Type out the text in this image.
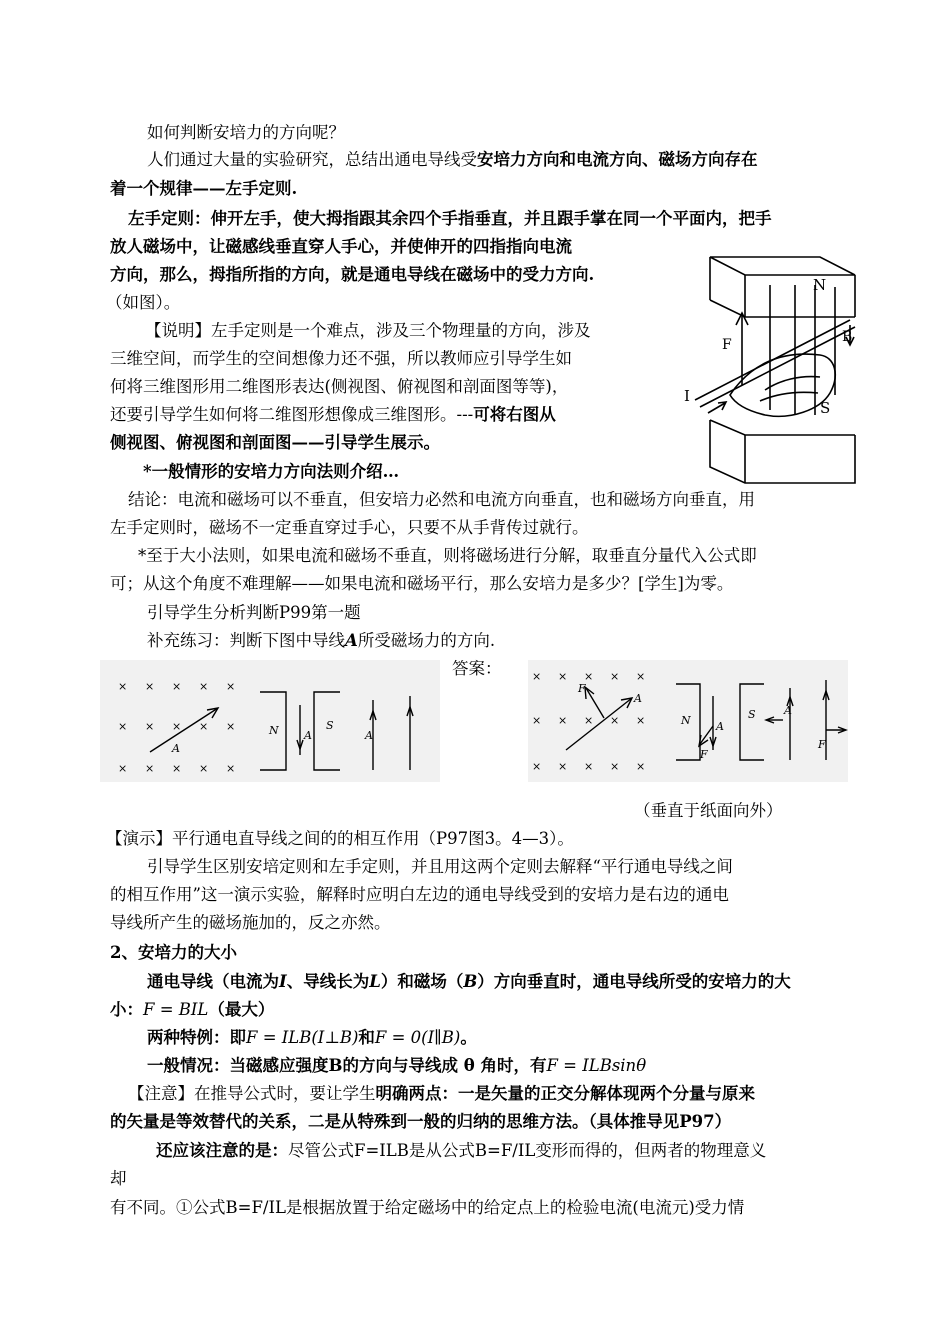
如何判断安培力的方向呢？
人们通过大量的实验研究，总结出通电导线受安培力方向和电流方向、磁场方向存在
着一个规律——左手定则.
左手定则：伸开左手，使大拇指跟其余四个手指垂直，并且跟手掌在同一个平面内，把手
放人磁场中，让磁感线垂直穿人手心，并使伸开的四指指向电流
方向，那么，拇指所指的方向，就是通电导线在磁场中的受力方向.
（如图）。
【说明】左手定则是一个难点，涉及三个物理量的方向，涉及
三维空间，而学生的空间想像力还不强，所以教师应引导学生如
何将三维图形用二维图形表达(侧视图、俯视图和剖面图等等)，
还要引导学生如何将二维图形想像成三维图形。---可将右图从
侧视图、俯视图和剖面图——引导学生展示。
*一般情形的安培力方向法则介绍…
结论：电流和磁场可以不垂直，但安培力必然和电流方向垂直，也和磁场方向垂直，用
左手定则时，磁场不一定垂直穿过手心，只要不从手背传过就行。
*至于大小法则，如果电流和磁场不垂直，则将磁场进行分解，取垂直分量代入公式即
可；从这个角度不难理解——如果电流和磁场平行，那么安培力是多少？[学生]为零。
引导学生分析判断P99第一题
补充练习：判断下图中导线A所受磁场力的方向.
答案：
（垂直于纸面向外）
【演示】平行通电直导线之间的的相互作用（P97图3。4—3）。
引导学生区别安培定则和左手定则，并且用这两个定则去解释“平行通电导线之间
的相互作用”这一演示实验，解释时应明白左边的通电导线受到的安培力是右边的通电
导线所产生的磁场施加的，反之亦然。
2、安培力的大小
通电导线（电流为I、导线长为L）和磁场（B）方向垂直时，通电导线所受的安培力的大
小：F = BIL（最大）
两种特例：即F = ILB(I⊥B)和F = 0(I∥B)。
一般情况：当磁感应强度B的方向与导线成 θ 角时，有F = ILBsinθ
【注意】在推导公式时，要让学生明确两点：一是矢量的正交分解体现两个分量与原来
的矢量是等效替代的关系，二是从特殊到一般的归纳的思维方法。（具体推导见P97）
还应该注意的是：尽管公式F=ILB是从公式B=F/IL变形而得的，但两者的物理意义
却
有不同。①公式B=F/IL是根据放置于给定磁场中的给定点上的检验电流(电流元)受力情
N
S
B
F
I
× × × × ×
× × × × ×
× × × × ×
A
N A
S
A
× × × × ×
× × × × ×
× × × × ×
F
A
N
F
A
S	A
F
